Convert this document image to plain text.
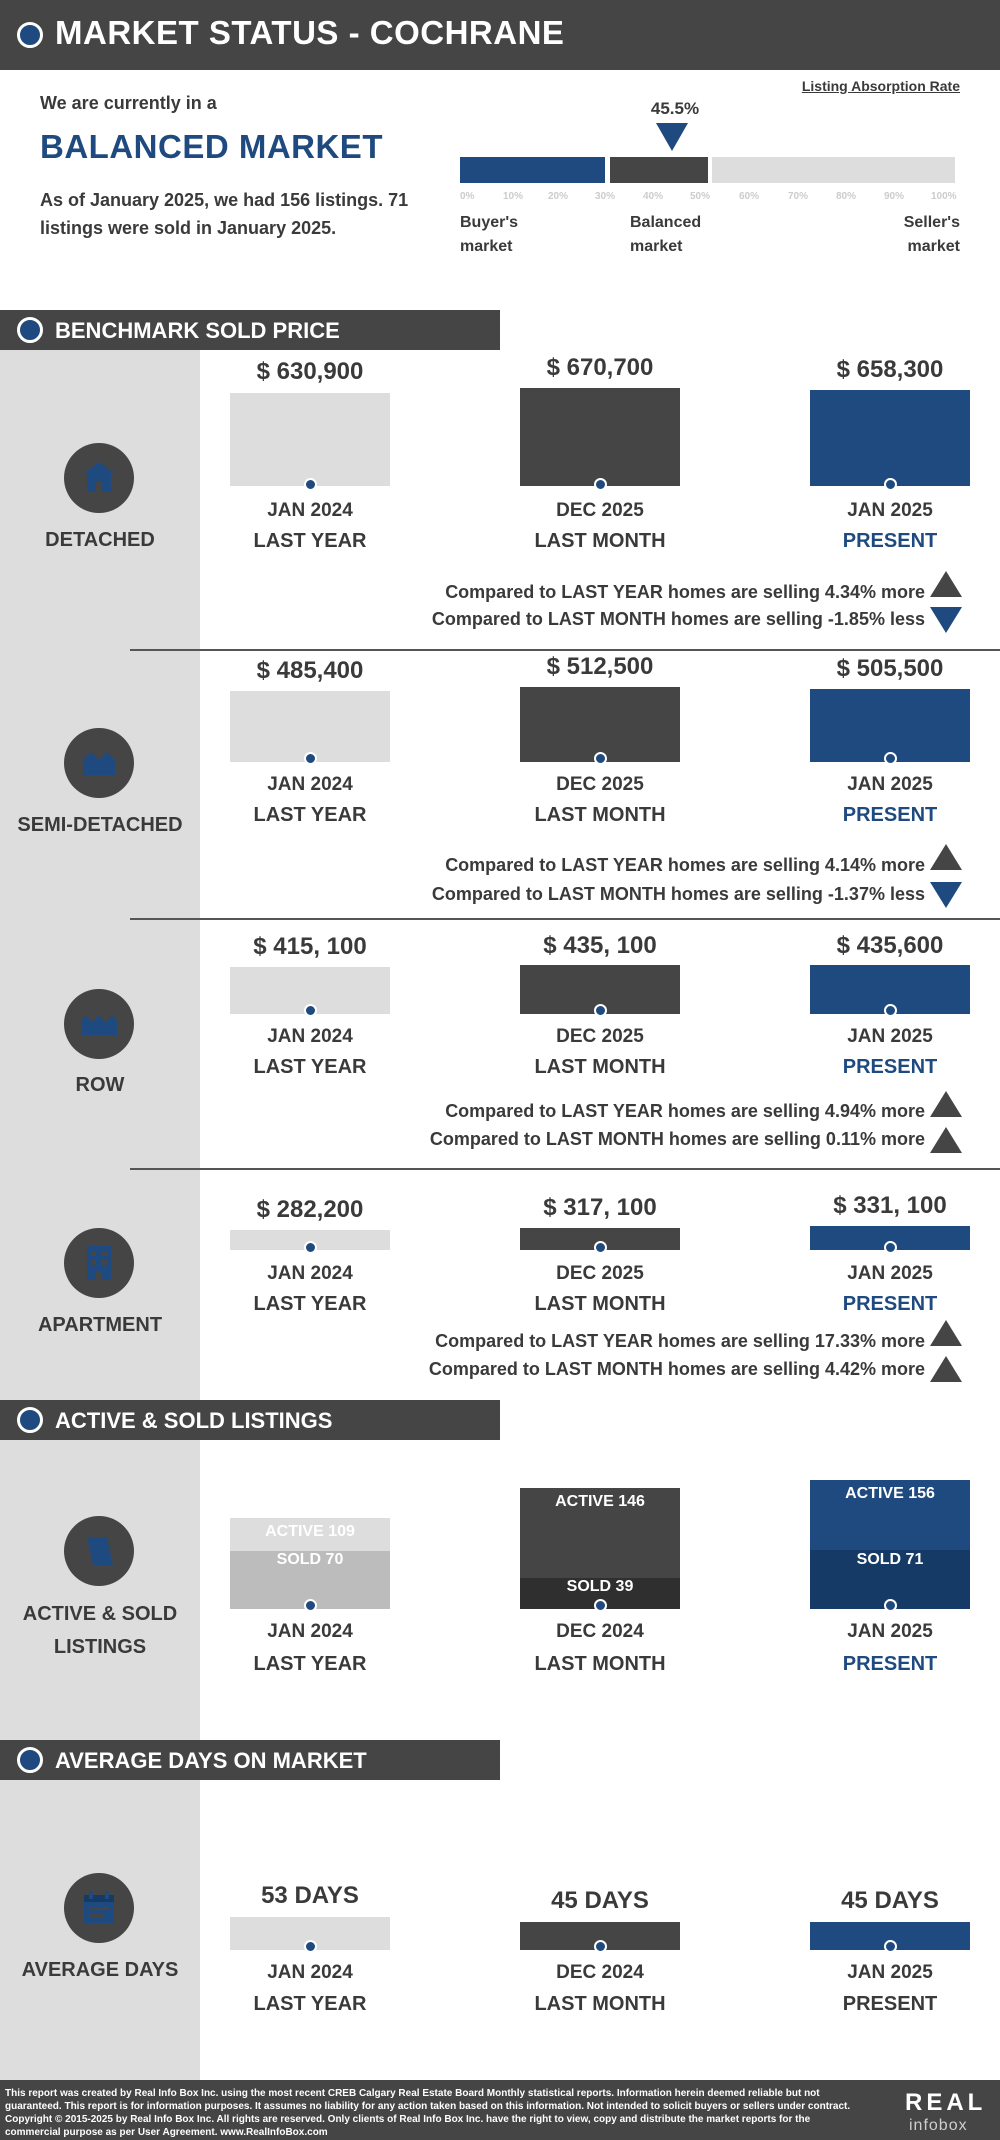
MARKET STATUS - COCHRANE
We are currently in a
BALANCED MARKET
As of January 2025, we had 156 listings. 71 listings were sold in January 2025.
Listing Absorption Rate
45.5%
0%	10% 20%	30%	40%	50%	60%	70%	80%	90%	100%
Buyer's market
Balanced market
Seller's market
BENCHMARK SOLD PRICE
DETACHED
$ 630,900
JAN 2024
LAST YEAR
$ 670,700
DEC 2025
LAST MONTH
$ 658,300
JAN 2025
PRESENT
Compared to LAST YEAR homes are selling 4.34% more
Compared to LAST MONTH homes are selling -1.85% less
SEMI-DETACHED
$ 485,400
JAN 2024
LAST YEAR
$ 512,500
DEC 2025
LAST MONTH
$ 505,500
JAN 2025
PRESENT
Compared to LAST YEAR homes are selling 4.14% more
Compared to LAST MONTH homes are selling -1.37% less
ROW
$ 415, 100
JAN 2024
LAST YEAR
$ 435, 100
DEC 2025
LAST MONTH
$ 435,600
JAN 2025
PRESENT
Compared to LAST YEAR homes are selling 4.94% more
Compared to LAST MONTH homes are selling 0.11% more
APARTMENT
$ 282,200
JAN 2024
LAST YEAR
$ 317, 100
DEC 2025
LAST MONTH
$ 331, 100
JAN 2025
PRESENT
Compared to LAST YEAR homes are selling 17.33% more
Compared to LAST MONTH homes are selling 4.42% more
ACTIVE & SOLD LISTINGS
ACTIVE & SOLD LISTINGS
ACTIVE 109
SOLD 70
JAN 2024
LAST YEAR
ACTIVE 146
SOLD 39
DEC 2024
LAST MONTH
ACTIVE 156
SOLD 71
JAN 2025
PRESENT
AVERAGE DAYS ON MARKET
AVERAGE DAYS
53 DAYS
JAN 2024
LAST YEAR
45 DAYS
DEC 2024
LAST MONTH
45 DAYS
JAN 2025
PRESENT
This report was created by Real Info Box Inc. using the most recent CREB Calgary Real Estate Board Monthly statistical reports. Information herein deemed reliable but not guaranteed. This report is for information purposes. It assumes no liability for any action taken based on this information. Not intended to solicit buyers or sellers under contract. Copyright © 2015-2025 by Real Info Box Inc. All rights are reserved. Only clients of Real Info Box Inc. have the right to view, copy and distribute the market reports for the commercial purpose as per User Agreement. www.RealInfoBox.com
REAL
infobox
